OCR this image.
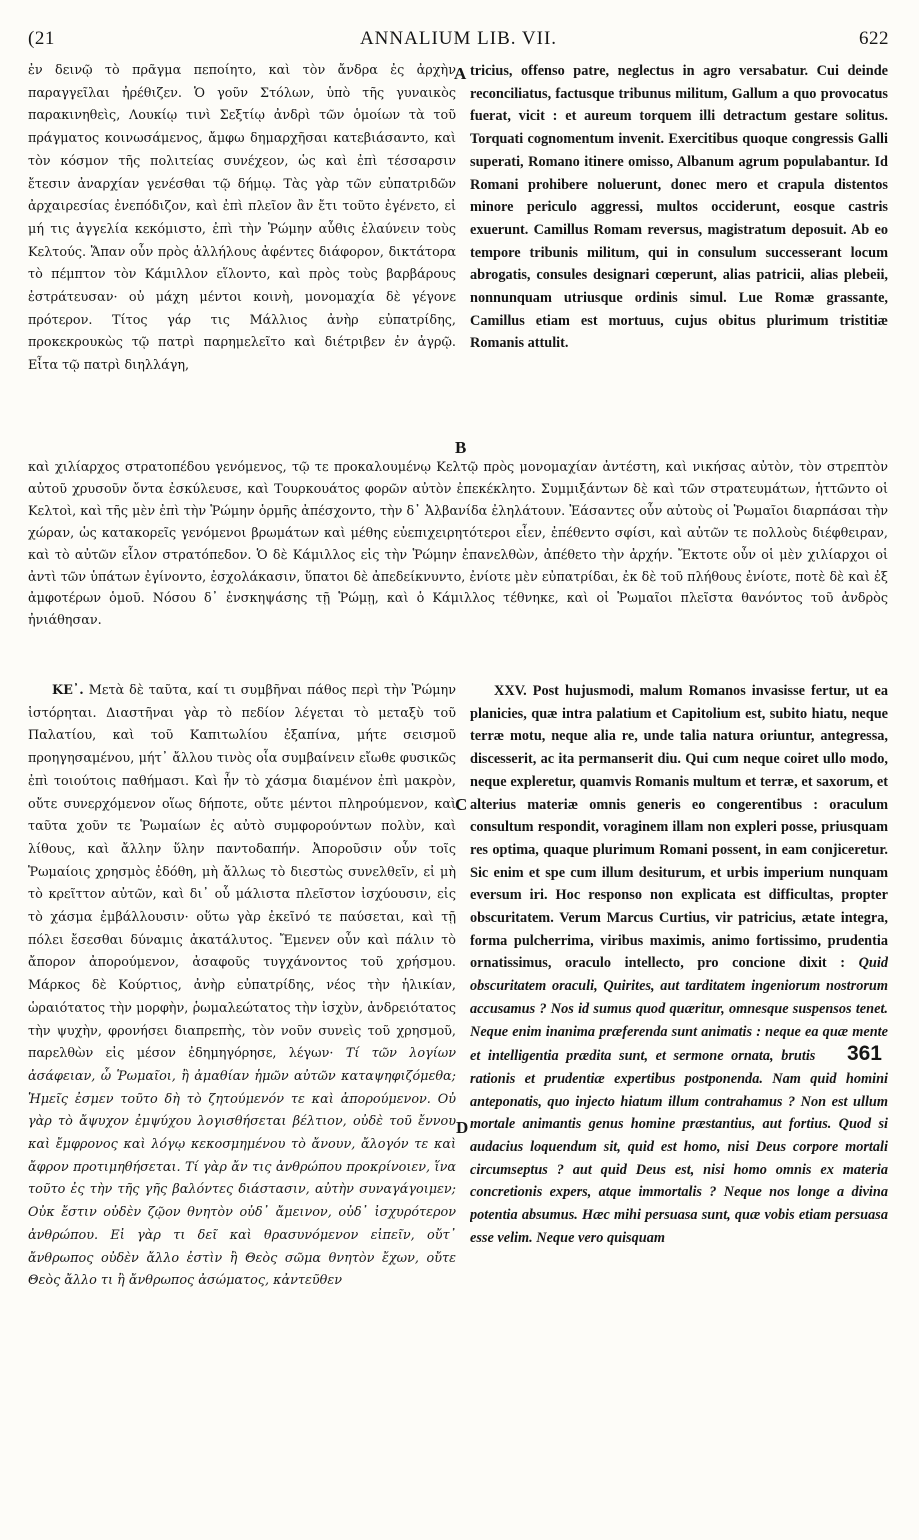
(21	ANNALIUM LIB. VII.	622

ἐν δεινῷ τὸ πρᾶγμα πεποίητο, καὶ τὸν ἄνδρα ἐς ἀρχὴν παραγγεῖλαι ἠρέθιζεν. Ὁ γοῦν Στόλων, ὑπὸ τῆς γυναικὸς παρακινηθεὶς, Λουκίῳ τινὶ Σεξτίῳ ἀνδρὶ τῶν ὁμοίων τὰ τοῦ πράγματος κοινωσάμενος, ἄμφω δημαρχῆσαι κατεβιάσαντο, καὶ τὸν κόσμον τῆς πολιτείας συνέχεον, ὡς καὶ ἐπὶ τέσσαρσιν ἔτεσιν ἀναρχίαν γενέσθαι τῷ δήμῳ. Τὰς γὰρ τῶν εὐπατριδῶν ἀρχαιρεσίας ἐνεπόδιζον, καὶ ἐπὶ πλεῖον ἂν ἔτι τοῦτο ἐγένετο, εἰ μή τις ἀγγελία κεκόμιστο, ἐπὶ τὴν Ῥώμην αὖθις ἐλαύνειν τοὺς Κελτούς. Ἅπαν οὖν πρὸς ἀλλήλους ἀφέντες διάφορον, δικτάτορα τὸ πέμπτον τὸν Κάμιλλον εἵλοντο, καὶ πρὸς τοὺς βαρβάρους ἐστράτευσαν· οὐ μάχη μέντοι κοινὴ, μονομαχία δὲ γέγονε πρότερον. Τίτος γάρ τις Μάλλιος ἀνὴρ εὐπατρίδης, προκεκρουκὼς τῷ πατρὶ παρημελεῖτο καὶ διέτριβεν ἐν ἀγρῷ. Εἶτα τῷ πατρὶ διηλλάγη,

tricius, offenso patre, neglectus in agro versabatur. Cui deinde reconciliatus, factusque tribunus militum, Gallum a quo provocatus fuerat, vicit : et aureum torquem illi detractum gestare solitus. Torquati cognomentum invenit. Exercitibus quoque congressis Galli superati, Romano itinere omisso, Albanum agrum populabantur. Id Romani prohibere noluerunt, donec mero et crapula distentos minore periculo aggressi, multos occiderunt, eosque castris exuerunt. Camillus Romam reversus, magistratum deposuit. Ab eo tempore tribunis militum, qui in consulum successerant locum abrogatis, consules designari cœperunt, alias patricii, alias plebeii, nonnunquam utriusque ordinis simul. Lue Romæ grassante, Camillus etiam est mortuus, cujus obitus plurimum tristitiæ Romanis attulit.

A
B

καὶ χιλίαρχος στρατοπέδου γενόμενος, τῷ τε προκαλουμένῳ Κελτῷ πρὸς μονομαχίαν ἀντέστη, καὶ νικήσας αὐτὸν, τὸν στρεπτὸν αὐτοῦ χρυσοῦν ὄντα ἐσκύλευσε, καὶ Τουρκουάτος φορῶν αὐτὸν ἐπεκέκλητο. Συμμιξάντων δὲ καὶ τῶν στρατευμάτων, ἡττῶντο οἱ Κελτοὶ, καὶ τῆς μὲν ἐπὶ τὴν Ῥώμην ὁρμῆς ἀπέσχοντο, τὴν δ᾽ Ἀλβανίδα ἐληλάτουν. Ἐάσαντες οὖν αὐτοὺς οἱ Ῥωμαῖοι διαρπάσαι τὴν χώραν, ὡς κατακορεῖς γενόμενοι βρωμάτων καὶ μέθης εὐεπιχειρητότεροι εἶεν, ἐπέθεντο σφίσι, καὶ αὐτῶν τε πολλοὺς διέφθειραν, καὶ τὸ αὐτῶν εἷλον στρατόπεδον. Ὁ δὲ Κάμιλλος εἰς τὴν Ῥώμην ἐπανελθὼν, ἀπέθετο τὴν ἀρχήν. Ἔκτοτε οὖν οἱ μὲν χιλίαρχοι οἱ ἀντὶ τῶν ὑπάτων ἐγίνοντο, ἐσχολάκασιν, ὕπατοι δὲ ἀπεδείκνυντο, ἐνίοτε μὲν εὐπατρίδαι, ἐκ δὲ τοῦ πλήθους ἐνίοτε, ποτὲ δὲ καὶ ἐξ ἀμφοτέρων ὁμοῦ. Νόσου δ᾽ ἐνσκηψάσης τῇ Ῥώμῃ, καὶ ὁ Κάμιλλος τέθνηκε, καὶ οἱ Ῥωμαῖοι πλεῖστα θανόντος τοῦ ἀνδρὸς ἠνιάθησαν.

ΚΕ᾽. Μετὰ δὲ ταῦτα, καί τι συμβῆναι πάθος περὶ τὴν Ῥώμην ἱστόρηται. Διαστῆναι γὰρ τὸ πεδίον λέγεται τὸ μεταξὺ τοῦ Παλατίου, καὶ τοῦ Καπιτωλίου ἐξαπίνα, μήτε σεισμοῦ προηγησαμένου, μήτ᾽ ἄλλου τινὸς οἷα συμβαίνειν εἴωθε φυσικῶς ἐπὶ τοιούτοις παθήμασι. Καὶ ἦν τὸ χάσμα διαμένον ἐπὶ μακρὸν, οὔτε συνερχόμενον οἵως δήποτε, οὔτε μέντοι πληρούμενον, καὶ ταῦτα χοῦν τε Ῥωμαίων ἐς αὐτὸ συμφορούντων πολὺν, καὶ λίθους, καὶ ἄλλην ὕλην παντοδαπήν. Ἀποροῦσιν οὖν τοῖς Ῥωμαίοις χρησμὸς ἐδόθη, μὴ ἄλλως τὸ διεστὼς συνελθεῖν, εἰ μὴ τὸ κρεῖττον αὐτῶν, καὶ δι᾽ οὗ μάλιστα πλεῖστον ἰσχύουσιν, εἰς τὸ χάσμα ἐμβάλλουσιν· οὕτω γὰρ ἐκεῖνό τε παύσεται, καὶ τῇ πόλει ἔσεσθαι δύναμις ἀκατάλυτος. Ἔμενεν οὖν καὶ πάλιν τὸ ἄπορον ἀπορούμενον, ἀσαφοῦς τυγχάνοντος τοῦ χρήσμου. Μάρκος δὲ Κούρτιος, ἀνὴρ εὐπατρίδης, νέος τὴν ἡλικίαν, ὡραιότατος τὴν μορφὴν, ῥωμαλεώτατος τὴν ἰσχὺν, ἀνδρειότατος τὴν ψυχὴν, φρονήσει διαπρεπὴς, τὸν νοῦν συνεὶς τοῦ χρησμοῦ, παρελθὼν εἰς μέσον ἐδημηγόρησε, λέγων· Τί τῶν λογίων ἀσάφειαν, ὦ Ῥωμαῖοι, ἢ ἀμαθίαν ἡμῶν αὐτῶν καταψηφιζόμεθα; Ἡμεῖς ἐσμεν τοῦτο δὴ τὸ ζητούμενόν τε καὶ ἀπορούμενον. Οὐ γὰρ τὸ ἄψυχον ἐμψύχου λογισθήσεται βέλτιον, οὐδὲ τοῦ ἔννου καὶ ἔμφρονος καὶ λόγῳ κεκοσμημένου τὸ ἄνουν, ἄλογόν τε καὶ ἄφρον προτιμηθήσεται. Τί γὰρ ἄν τις ἀνθρώπου προκρίνοιεν, ἵνα τοῦτο ἐς τὴν τῆς γῆς βαλόντες διάστασιν, αὐτὴν συναγάγοιμεν; Οὐκ ἔστιν οὐδὲν ζῷον θνητὸν οὐδ᾽ ἄμεινον, οὐδ᾽ ἰσχυρότερον ἀνθρώπου. Εἰ γὰρ τι δεῖ καὶ θρασυνόμενον εἰπεῖν, οὔτ᾽ ἄνθρωπος οὐδὲν ἄλλο ἐστὶν ἢ Θεὸς σῶμα θνητὸν ἔχων, οὔτε Θεὸς ἄλλο τι ἢ ἄνθρωπος ἀσώματος, κἀντεῦθεν

C
D

XXV. Post hujusmodi, malum Romanos invasisse fertur, ut ea planicies, quæ intra palatium et Capitolium est, subito hiatu, neque terræ motu, neque alia re, unde talia natura oriuntur, antegressa, discesserit, ac ita permanserit diu. Qui cum neque coiret ullo modo, neque expleretur, quamvis Romanis multum et terræ, et saxorum, et alterius materiæ omnis generis eo congerentibus : oraculum consultum respondit, voraginem illam non expleri posse, priusquam res optima, quaque plurimum Romani possent, in eam conjiceretur. Sic enim et spe cum illum desiturum, et urbis imperium nunquam eversum iri. Hoc responso non explicata est difficultas, propter obscuritatem. Verum Marcus Curtius, vir patricius, ætate integra, forma pulcherrima, viribus maximis, animo fortissimo, prudentia ornatissimus, oraculo intellecto, pro concione dixit : Quid obscuritatem oraculi, Quirites, aut tarditatem ingeniorum nostrorum accusamus ? Nos id sumus quod quæritur, omnesque suspensos tenet. Neque enim inanima præferenda sunt animatis : neque ea quæ mente et intelligentia prædita sunt, et sermone ornata, brutis 361 rationis et prudentiæ expertibus postponenda. Nam quid homini anteponatis, quo injecto hiatum illum contrahamus ? Non est ullum mortale animantis genus homine præstantius, aut fortius. Quod si audacius loquendum sit, quid est homo, nisi Deus corpore mortali circumseptus ? aut quid Deus est, nisi homo omnis ex materia concretionis expers, atque immortalis ? Neque nos longe a divina potentia absumus. Hæc mihi persuasa sunt, quæ vobis etiam persuasa esse velim. Neque vero quisquam
